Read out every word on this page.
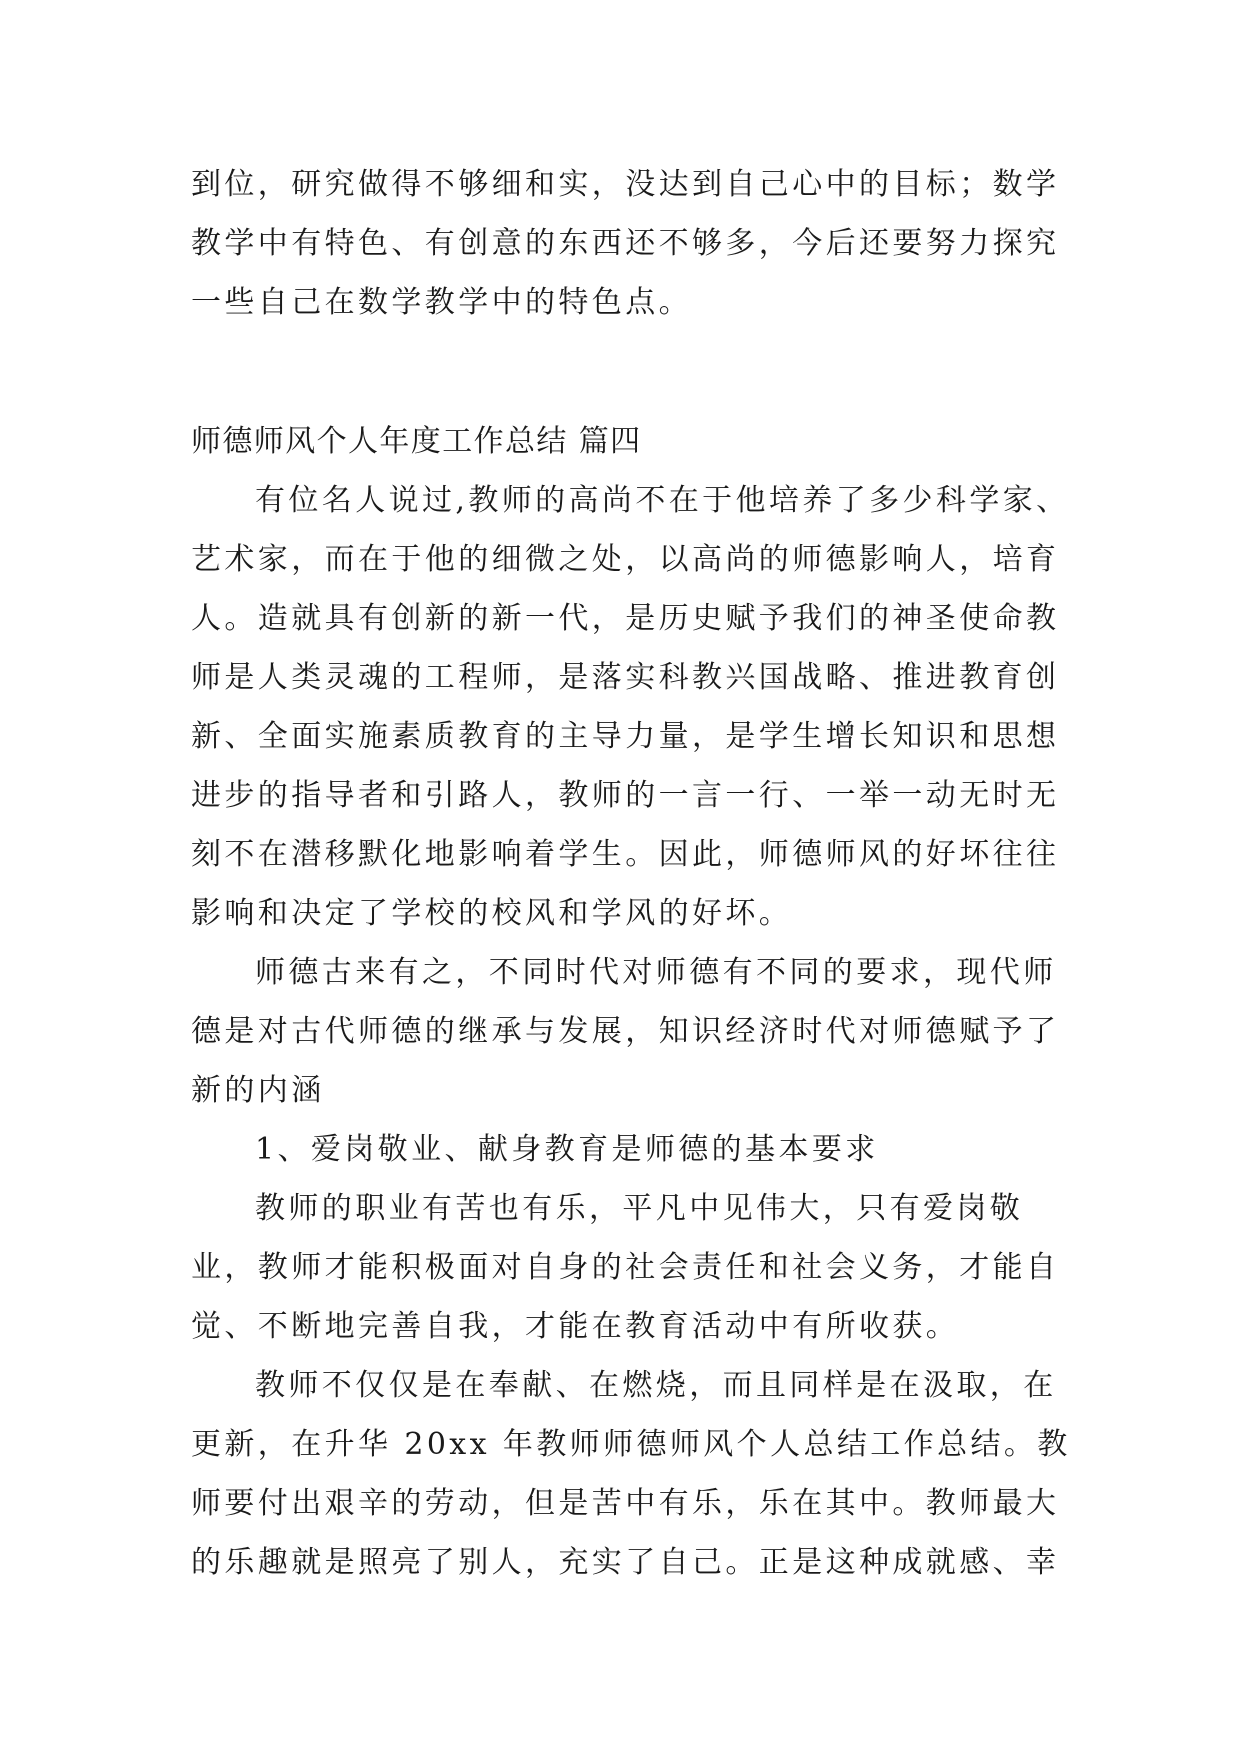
到位，研究做得不够细和实，没达到自己心中的目标；数学教学中有特色、有创意的东西还不够多，今后还要努力探究一些自己在数学教学中的特色点。

师德师风个人年度工作总结 篇四

有位名人说过,教师的高尚不在于他培养了多少科学家、艺术家，而在于他的细微之处，以高尚的师德影响人，培育人。造就具有创新的新一代，是历史赋予我们的神圣使命教师是人类灵魂的工程师，是落实科教兴国战略、推进教育创新、全面实施素质教育的主导力量，是学生增长知识和思想进步的指导者和引路人，教师的一言一行、一举一动无时无刻不在潜移默化地影响着学生。因此，师德师风的好坏往往影响和决定了学校的校风和学风的好坏。

师德古来有之，不同时代对师德有不同的要求，现代师德是对古代师德的继承与发展，知识经济时代对师德赋予了新的内涵

1、爱岗敬业、献身教育是师德的基本要求

教师的职业有苦也有乐，平凡中见伟大，只有爱岗敬业，教师才能积极面对自身的社会责任和社会义务，才能自觉、不断地完善自我，才能在教育活动中有所收获。

教师不仅仅是在奉献、在燃烧，而且同样是在汲取，在更新，在升华 20xx 年教师师德师风个人总结工作总结。教师要付出艰辛的劳动，但是苦中有乐，乐在其中。教师最大的乐趣就是照亮了别人，充实了自己。正是这种成就感、幸
